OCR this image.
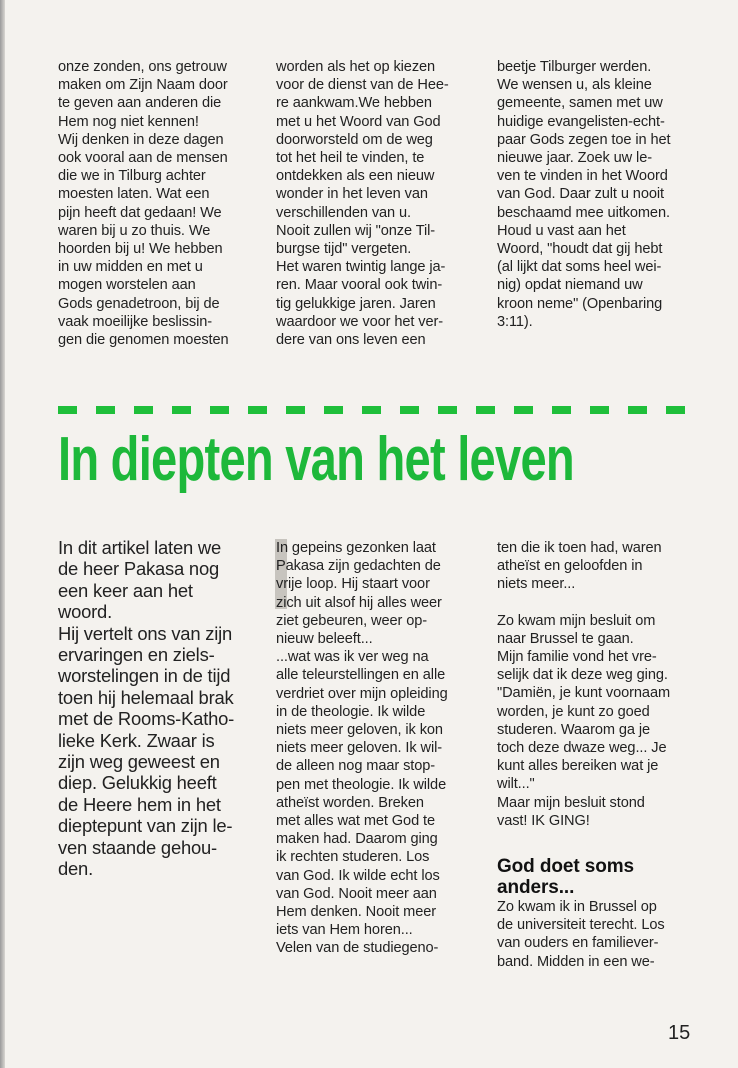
onze zonden, ons getrouw
maken om Zijn Naam door
te geven aan anderen die
Hem nog niet kennen!
Wij denken in deze dagen
ook vooral aan de mensen
die we in Tilburg achter
moesten laten. Wat een
pijn heeft dat gedaan! We
waren bij u zo thuis. We
hoorden bij u! We hebben
in uw midden en met u
mogen worstelen aan
Gods genadetroon, bij de
vaak moeilijke beslissin-
gen die genomen moesten
worden als het op kiezen
voor de dienst van de Hee-
re aankwam.We hebben
met u het Woord van God
doorworsteld om de weg
tot het heil te vinden, te
ontdekken als een nieuw
wonder in het leven van
verschillenden van u.
Nooit zullen wij "onze Til-
burgse tijd" vergeten.
Het waren twintig lange ja-
ren. Maar vooral ook twin-
tig gelukkige jaren. Jaren
waardoor we voor het ver-
dere van ons leven een
beetje Tilburger werden.
We wensen u, als kleine
gemeente, samen met uw
huidige evangelisten-echt-
paar Gods zegen toe in het
nieuwe jaar. Zoek uw le-
ven te vinden in het Woord
van God. Daar zult u nooit
beschaamd mee uitkomen.
Houd u vast aan het
Woord, "houdt dat gij hebt
(al lijkt dat soms heel wei-
nig) opdat niemand uw
kroon neme" (Openbaring
3:11).
In diepten van het leven
In dit artikel laten we
de heer Pakasa nog
een keer aan het
woord.
Hij vertelt ons van zijn
ervaringen en ziels-
worstelingen in de tijd
toen hij helemaal brak
met de Rooms-Katho-
lieke Kerk. Zwaar is
zijn weg geweest en
diep. Gelukkig heeft
de Heere hem in het
dieptepunt van zijn le-
ven staande gehou-
den.
In gepeins gezonken laat
Pakasa zijn gedachten de
vrije loop. Hij staart voor
zich uit alsof hij alles weer
ziet gebeuren, weer op-
nieuw beleeft...
...wat was ik ver weg na
alle teleurstellingen en alle
verdriet over mijn opleiding
in de theologie. Ik wilde
niets meer geloven, ik kon
niets meer geloven. Ik wil-
de alleen nog maar stop-
pen met theologie. Ik wilde
atheïst worden. Breken
met alles wat met God te
maken had. Daarom ging
ik rechten studeren. Los
van God. Ik wilde echt los
van God. Nooit meer aan
Hem denken. Nooit meer
iets van Hem horen...
Velen van de studiegeno-
ten die ik toen had, waren
atheïst en geloofden in
niets meer...
Zo kwam mijn besluit om
naar Brussel te gaan.
Mijn familie vond het vre-
selijk dat ik deze weg ging.
"Damiën, je kunt voornaam
worden, je kunt zo goed
studeren. Waarom ga je
toch deze dwaze weg... Je
kunt alles bereiken wat je
wilt..."
Maar mijn besluit stond
vast! IK GING!
God doet soms
anders...
Zo kwam ik in Brussel op
de universiteit terecht. Los
van ouders en familiever-
band. Midden in een we-
15
